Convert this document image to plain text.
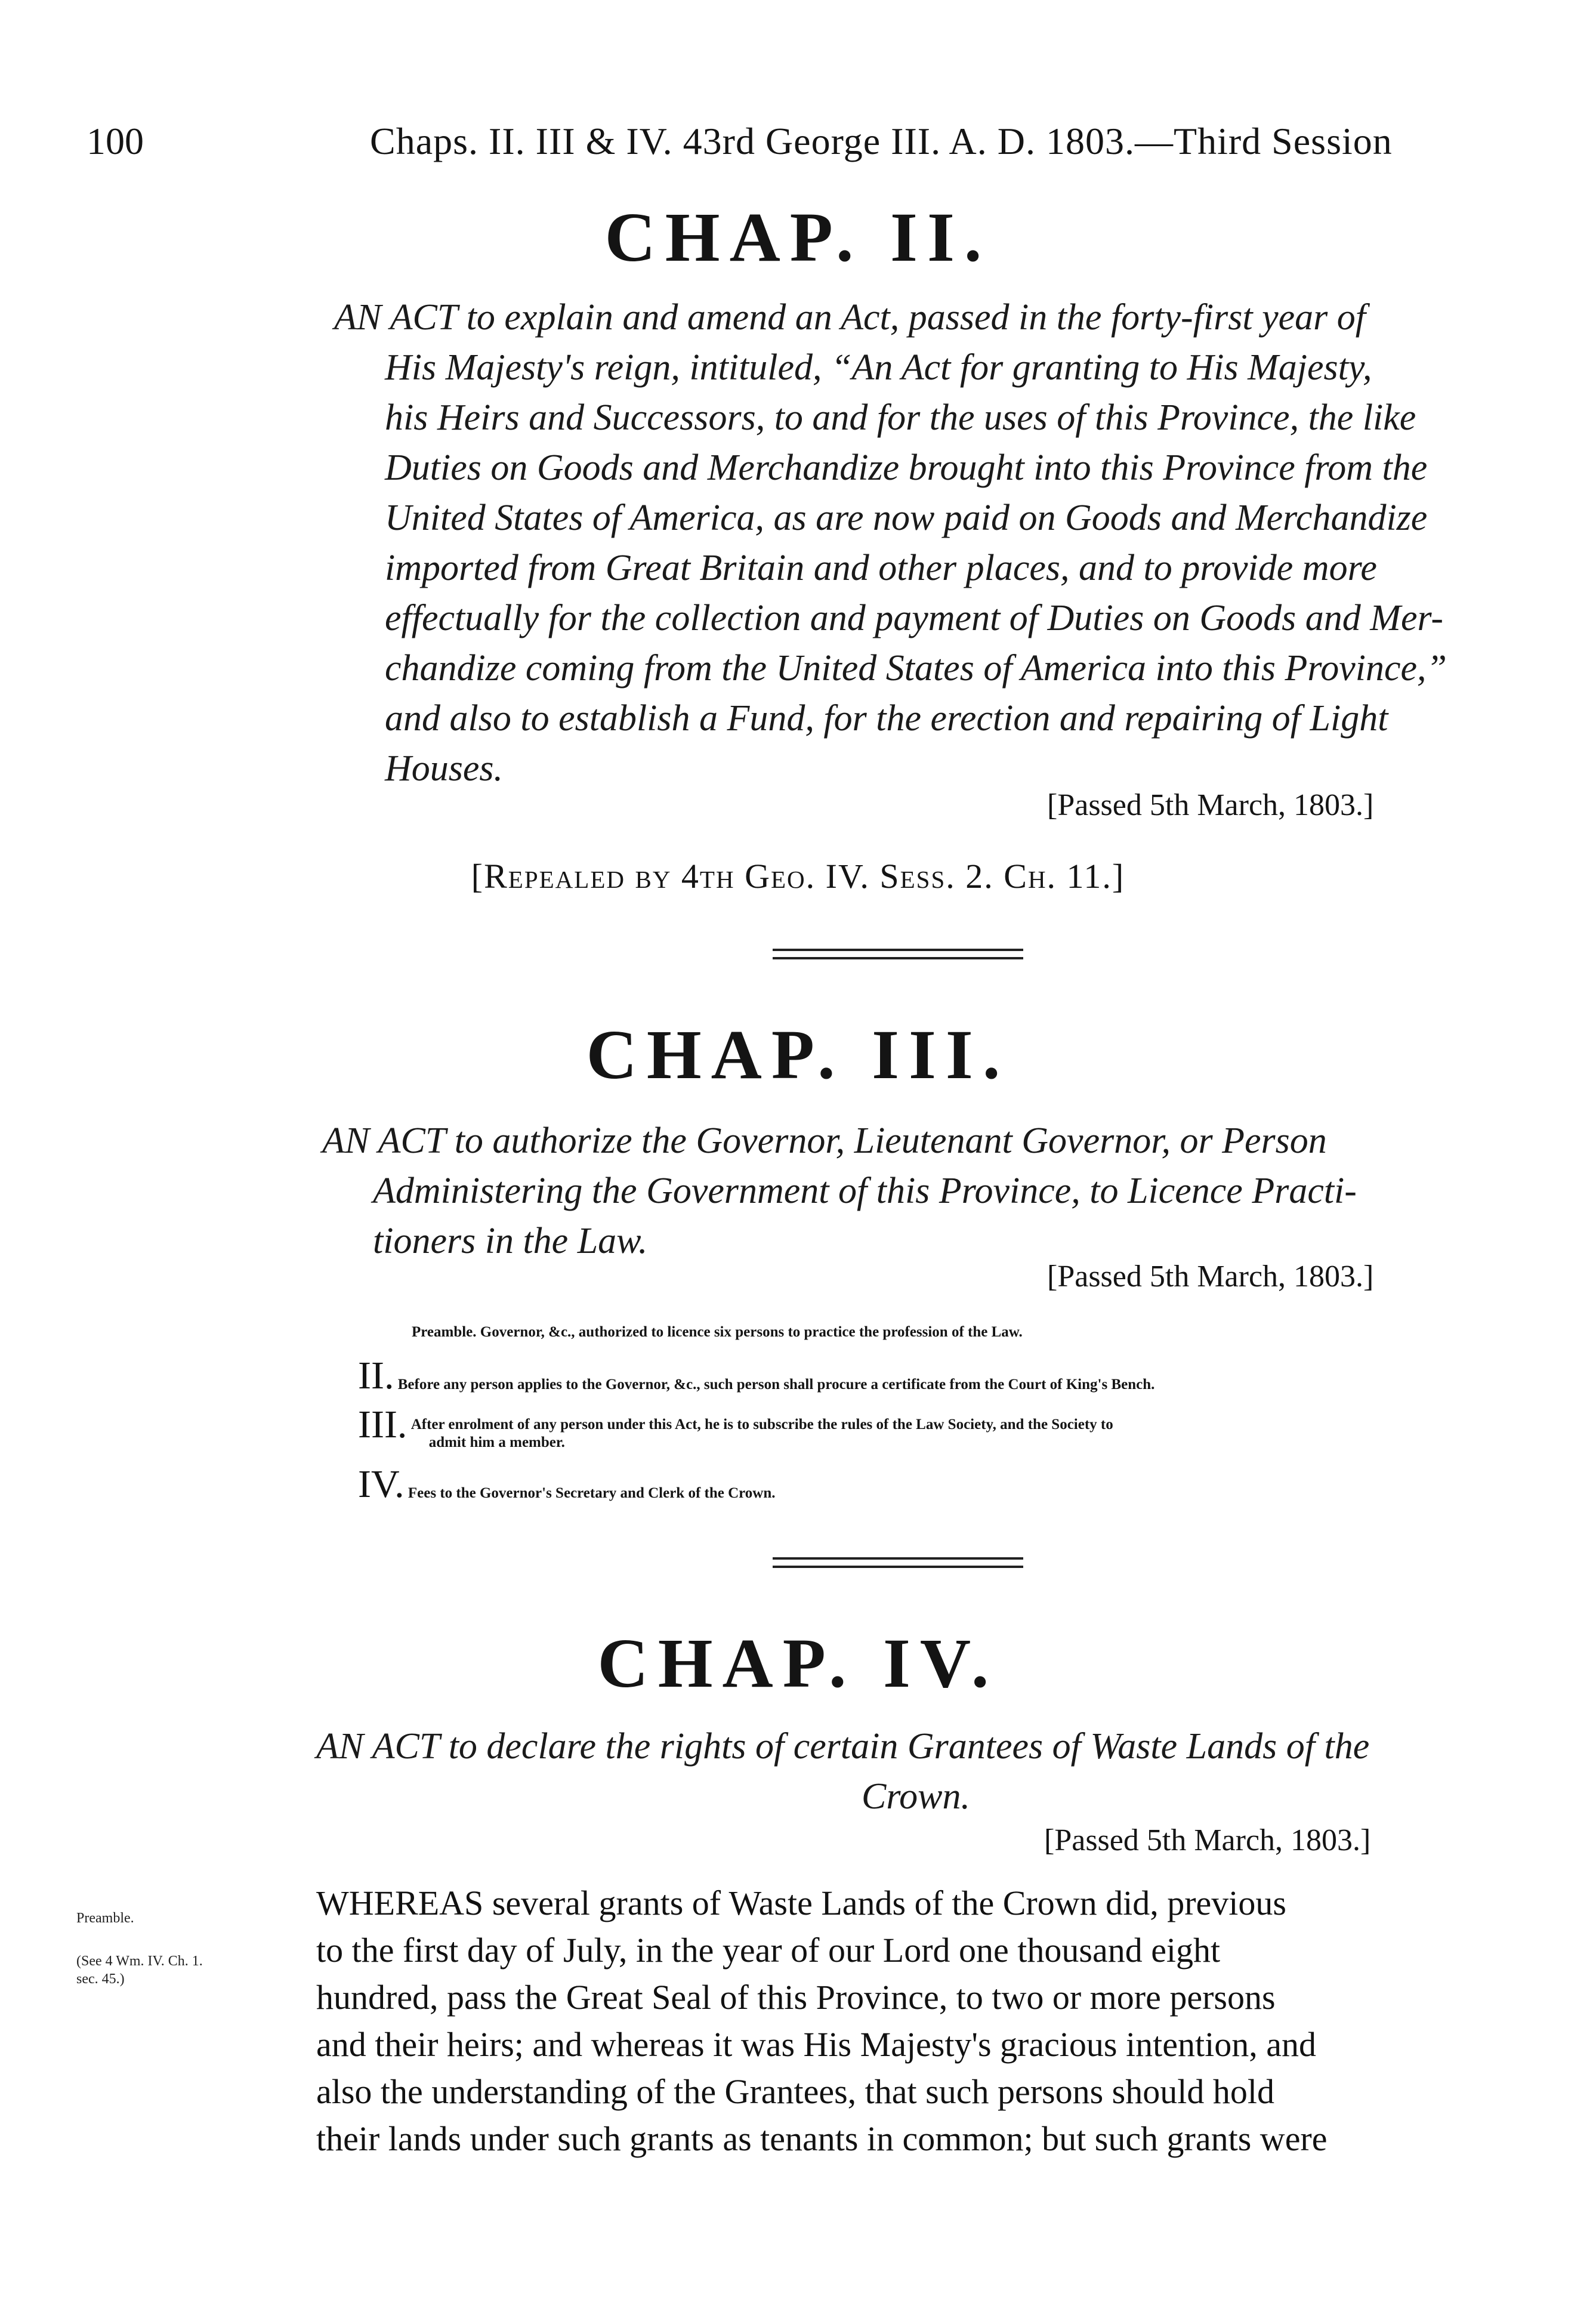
100	Chaps. II. III & IV. 43rd George III. A. D. 1803.—Third Session
CHAP. II.
AN ACT to explain and amend an Act, passed in the forty-first year of
His Majesty's reign, intituled, “An Act for granting to His Majesty,
his Heirs and Successors, to and for the uses of this Province, the like
Duties on Goods and Merchandize brought into this Province from the
United States of America, as are now paid on Goods and Merchandize
imported from Great Britain and other places, and to provide more
effectually for the collection and payment of Duties on Goods and Mer-
chandize coming from the United States of America into this Province,”
and also to establish a Fund, for the erection and repairing of Light
Houses.
[Passed 5th March, 1803.]
[Repealed by 4th Geo. IV. Sess. 2. Ch. 11.]
CHAP. III.
AN ACT to authorize the Governor, Lieutenant Governor, or Person
Administering the Government of this Province, to Licence Practi-
tioners in the Law.
[Passed 5th March, 1803.]
Preamble. Governor, &c., authorized to licence six persons to practice the profession of the Law.
II. Before any person applies to the Governor, &c., such person shall procure a certificate from the Court of King's Bench.
III. After enrolment of any person under this Act, he is to subscribe the rules of the Law Society, and the Society to
admit him a member.
IV. Fees to the Governor's Secretary and Clerk of the Crown.
CHAP. IV.
AN ACT to declare the rights of certain Grantees of Waste Lands of the
Crown.
[Passed 5th March, 1803.]
Preamble.
(See 4 Wm. IV. Ch. 1.
sec. 45.)
WHEREAS several grants of Waste Lands of the Crown did, previous
to the first day of July, in the year of our Lord one thousand eight
hundred, pass the Great Seal of this Province, to two or more persons
and their heirs; and whereas it was His Majesty's gracious intention, and
also the understanding of the Grantees, that such persons should hold
their lands under such grants as tenants in common; but such grants were
